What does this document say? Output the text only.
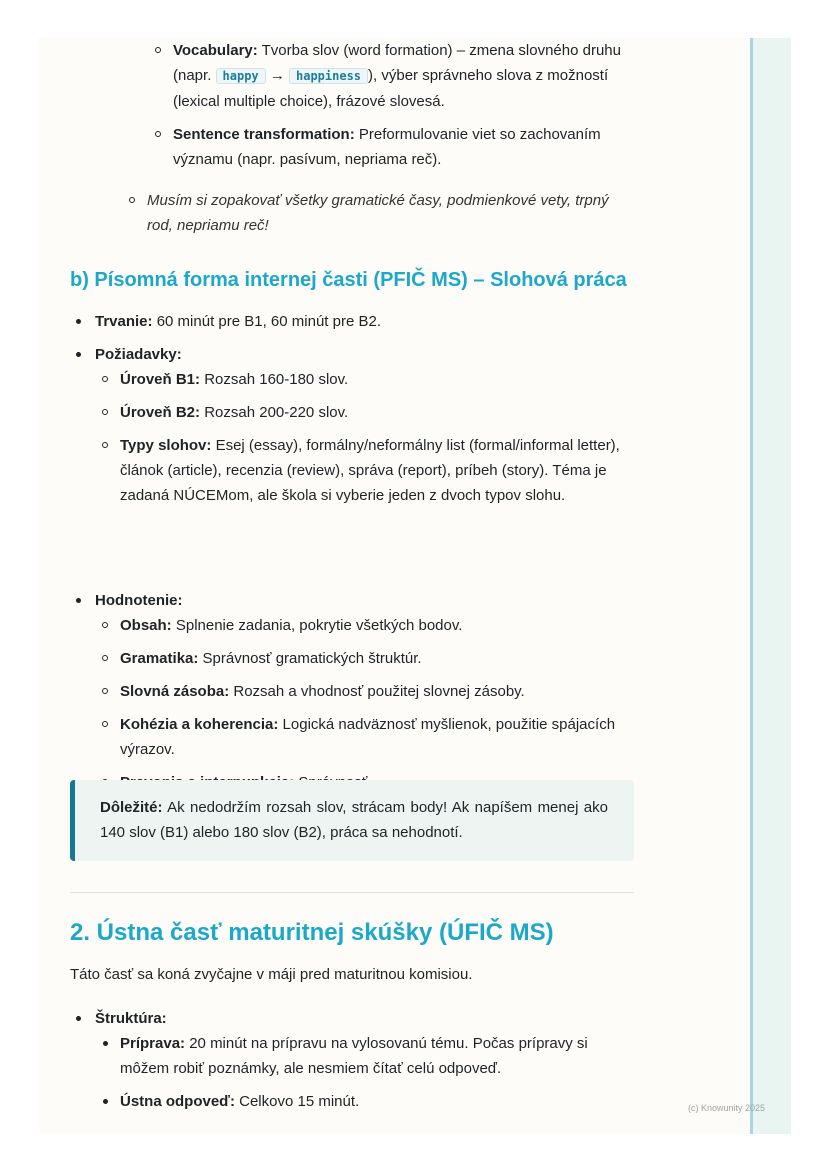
Vocabulary: Tvorba slov (word formation) – zmena slovného druhu (napr. happy → happiness ), výber správneho slova z možností (lexical multiple choice), frázové slovesá.
Sentence transformation: Preformulovanie viet so zachovaním významu (napr. pasívum, nepriama reč).
Musím si zopakovať všetky gramatické časy, podmienkové vety, trpný rod, nepriamu reč!
b) Písomná forma internej časti (PFIČ MS) – Slohová práca
Trvanie: 60 minút pre B1, 60 minút pre B2.
Požiadavky:
Úroveň B1: Rozsah 160-180 slov.
Úroveň B2: Rozsah 200-220 slov.
Typy slohov: Esej (essay), formálny/neformálny list (formal/informal letter), článok (article), recenzia (review), správa (report), príbeh (story). Téma je zadaná NÚCEMom, ale škola si vyberie jeden z dvoch typov slohu.
Hodnotenie:
Obsah: Splnenie zadania, pokrytie všetkých bodov.
Gramatika: Správnosť gramatických štruktúr.
Slovná zásoba: Rozsah a vhodnosť použitej slovnej zásoby.
Kohézia a koherencia: Logická nadväznosť myšlienok, použitie spájacích výrazov.
Dôležité: Ak nedodržím rozsah slov, strácam body! Ak napíšem menej ako 140 slov (B1) alebo 180 slov (B2), práca sa nehodnotí.
2. Ústna časť maturitnej skúšky (ÚFIČ MS)
Táto časť sa koná zvyčajne v máji pred maturitnou komisiou.
Štruktúra:
Príprava: 20 minút na prípravu na vylosovanú tému. Počas prípravy si môžem robiť poznámky, ale nesmiem čítať celú odpoveď.
Ústna odpoveď: Celkovo 15 minút.	(c) Knowunity 2025
